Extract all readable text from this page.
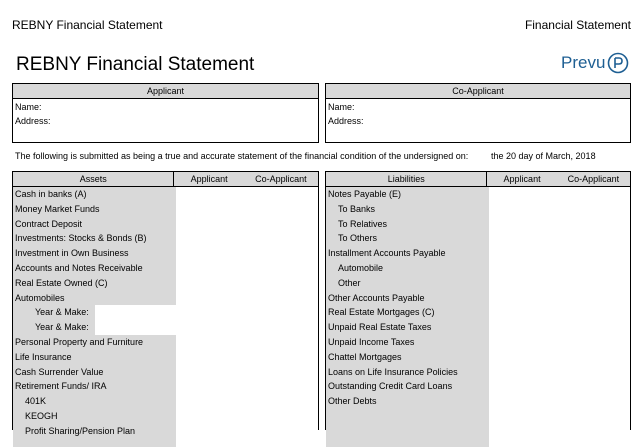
REBNY Financial Statement	Financial Statement
REBNY Financial Statement	Prevu
Applicant
Name:
Address:
Co-Applicant
Name:
Address:
The following is submitted as being a true and accurate statement of the financial condition of the undersigned on:	the 20 day of March, 2018
Assets	Applicant	Co-Applicant
Cash in banks (A)
Money Market Funds
Contract Deposit
Investments: Stocks & Bonds (B)
Investment in Own Business
Accounts and Notes Receivable
Real Estate Owned (C)
Automobiles
Year & Make:
Year & Make:
Personal Property and Furniture
Life Insurance
Cash Surrender Value
Retirement Funds/ IRA
401K
KEOGH
Profit Sharing/Pension Plan
Liabilities	Applicant	Co-Applicant
Notes Payable (E)
To Banks
To Relatives
To Others
Installment Accounts Payable
Automobile
Other
Other Accounts Payable
Real Estate Mortgages (C)
Unpaid Real Estate Taxes
Unpaid Income Taxes
Chattel Mortgages
Loans on Life Insurance Policies
Outstanding Credit Card Loans
Other Debts
